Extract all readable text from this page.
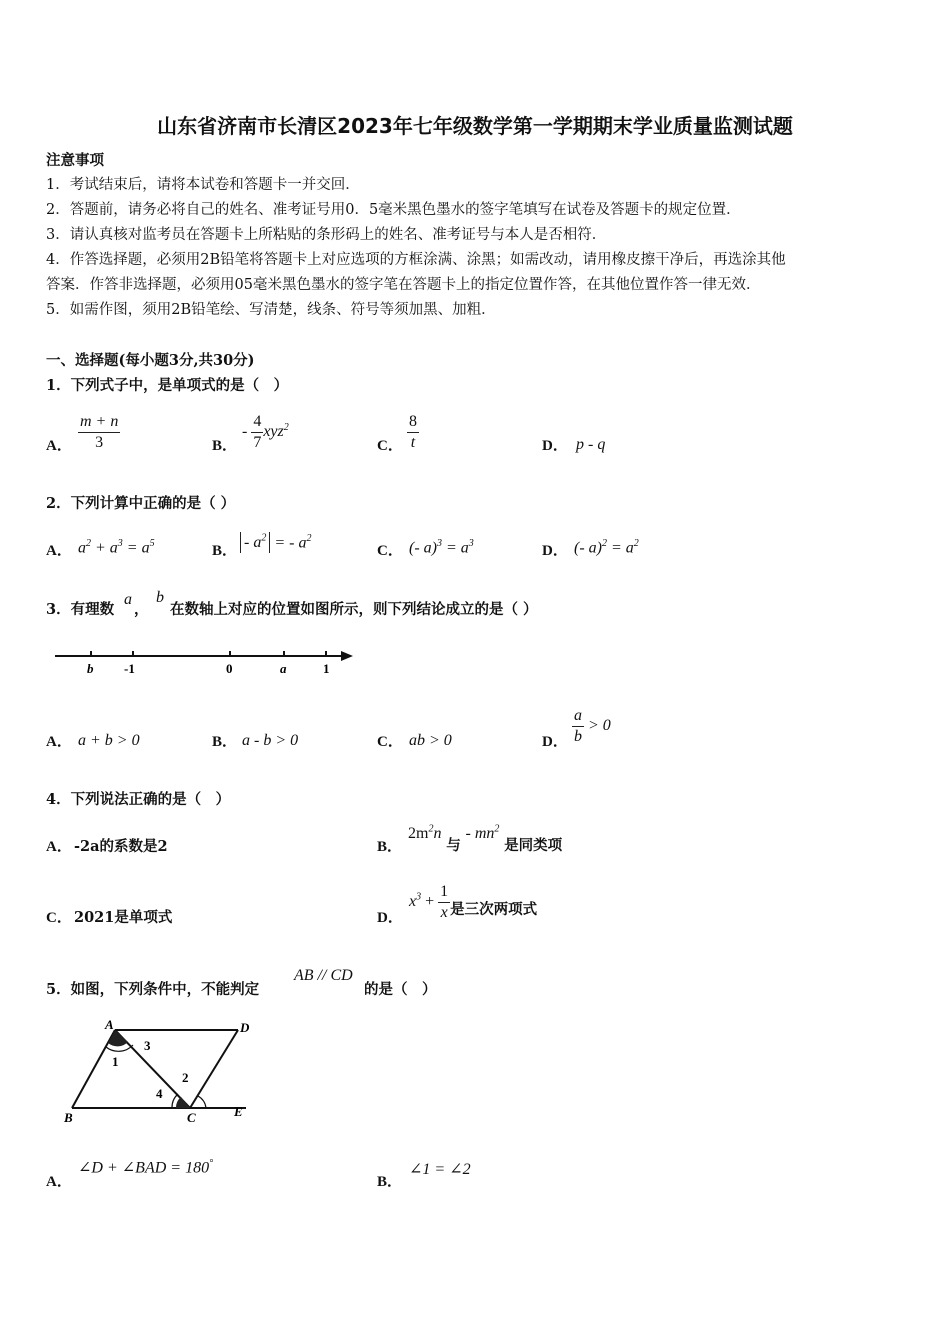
山东省济南市长清区2023年七年级数学第一学期期末学业质量监测试题
注意事项
1．考试结束后，请将本试卷和答题卡一并交回．
2．答题前，请务必将自己的姓名、准考证号用0．5毫米黑色墨水的签字笔填写在试卷及答题卡的规定位置．
3．请认真核对监考员在答题卡上所粘贴的条形码上的姓名、准考证号与本人是否相符．
4．作答选择题，必须用2B铅笔将答题卡上对应选项的方框涂满、涂黑；如需改动，请用橡皮擦干净后，再选涂其他
答案．作答非选择题，必须用05毫米黑色墨水的签字笔在答题卡上的指定位置作答，在其他位置作答一律无效．
5．如需作图，须用2B铅笔绘、写清楚，线条、符号等须加黑、加粗．
一、选择题(每小题3分,共30分)
1．下列式子中，是单项式的是（　）
A． $\frac{m + n}{3}$	B．
- $\frac{4}{7} xyz^2$
C． $\frac{8}{t}$	D． p - q
2．下列计算中正确的是（ ）
A． $a^2 + a^3 = a^5$	B． - $a^2$ = - $a^2$
C． (- $a)^3 = a^3$	D． (- $a)^2 = a^2$
3．有理数
a
，
b
在数轴上对应的位置如图所示，则下列结论成立的是（ ）
b -1	0	a	1
A． a + b > 0	B． a - b > 0	C． ab > 0	D． $\frac{a}{b} > 0$
4．下列说法正确的是（　）
A． -2a的系数是2	B．
$2m^2n$ 与 - $mn^2$ 是同类项
C． 2021是单项式	D．
$x^3 + \frac{1}{x}$ 是三次两项式
5．如图，下列条件中，不能判定
AB // CD
的是（　）
A	D
B	C	E
1
3
2
4
A．
∠D + ∠BAD = 180°
B．
∠1 = ∠2
